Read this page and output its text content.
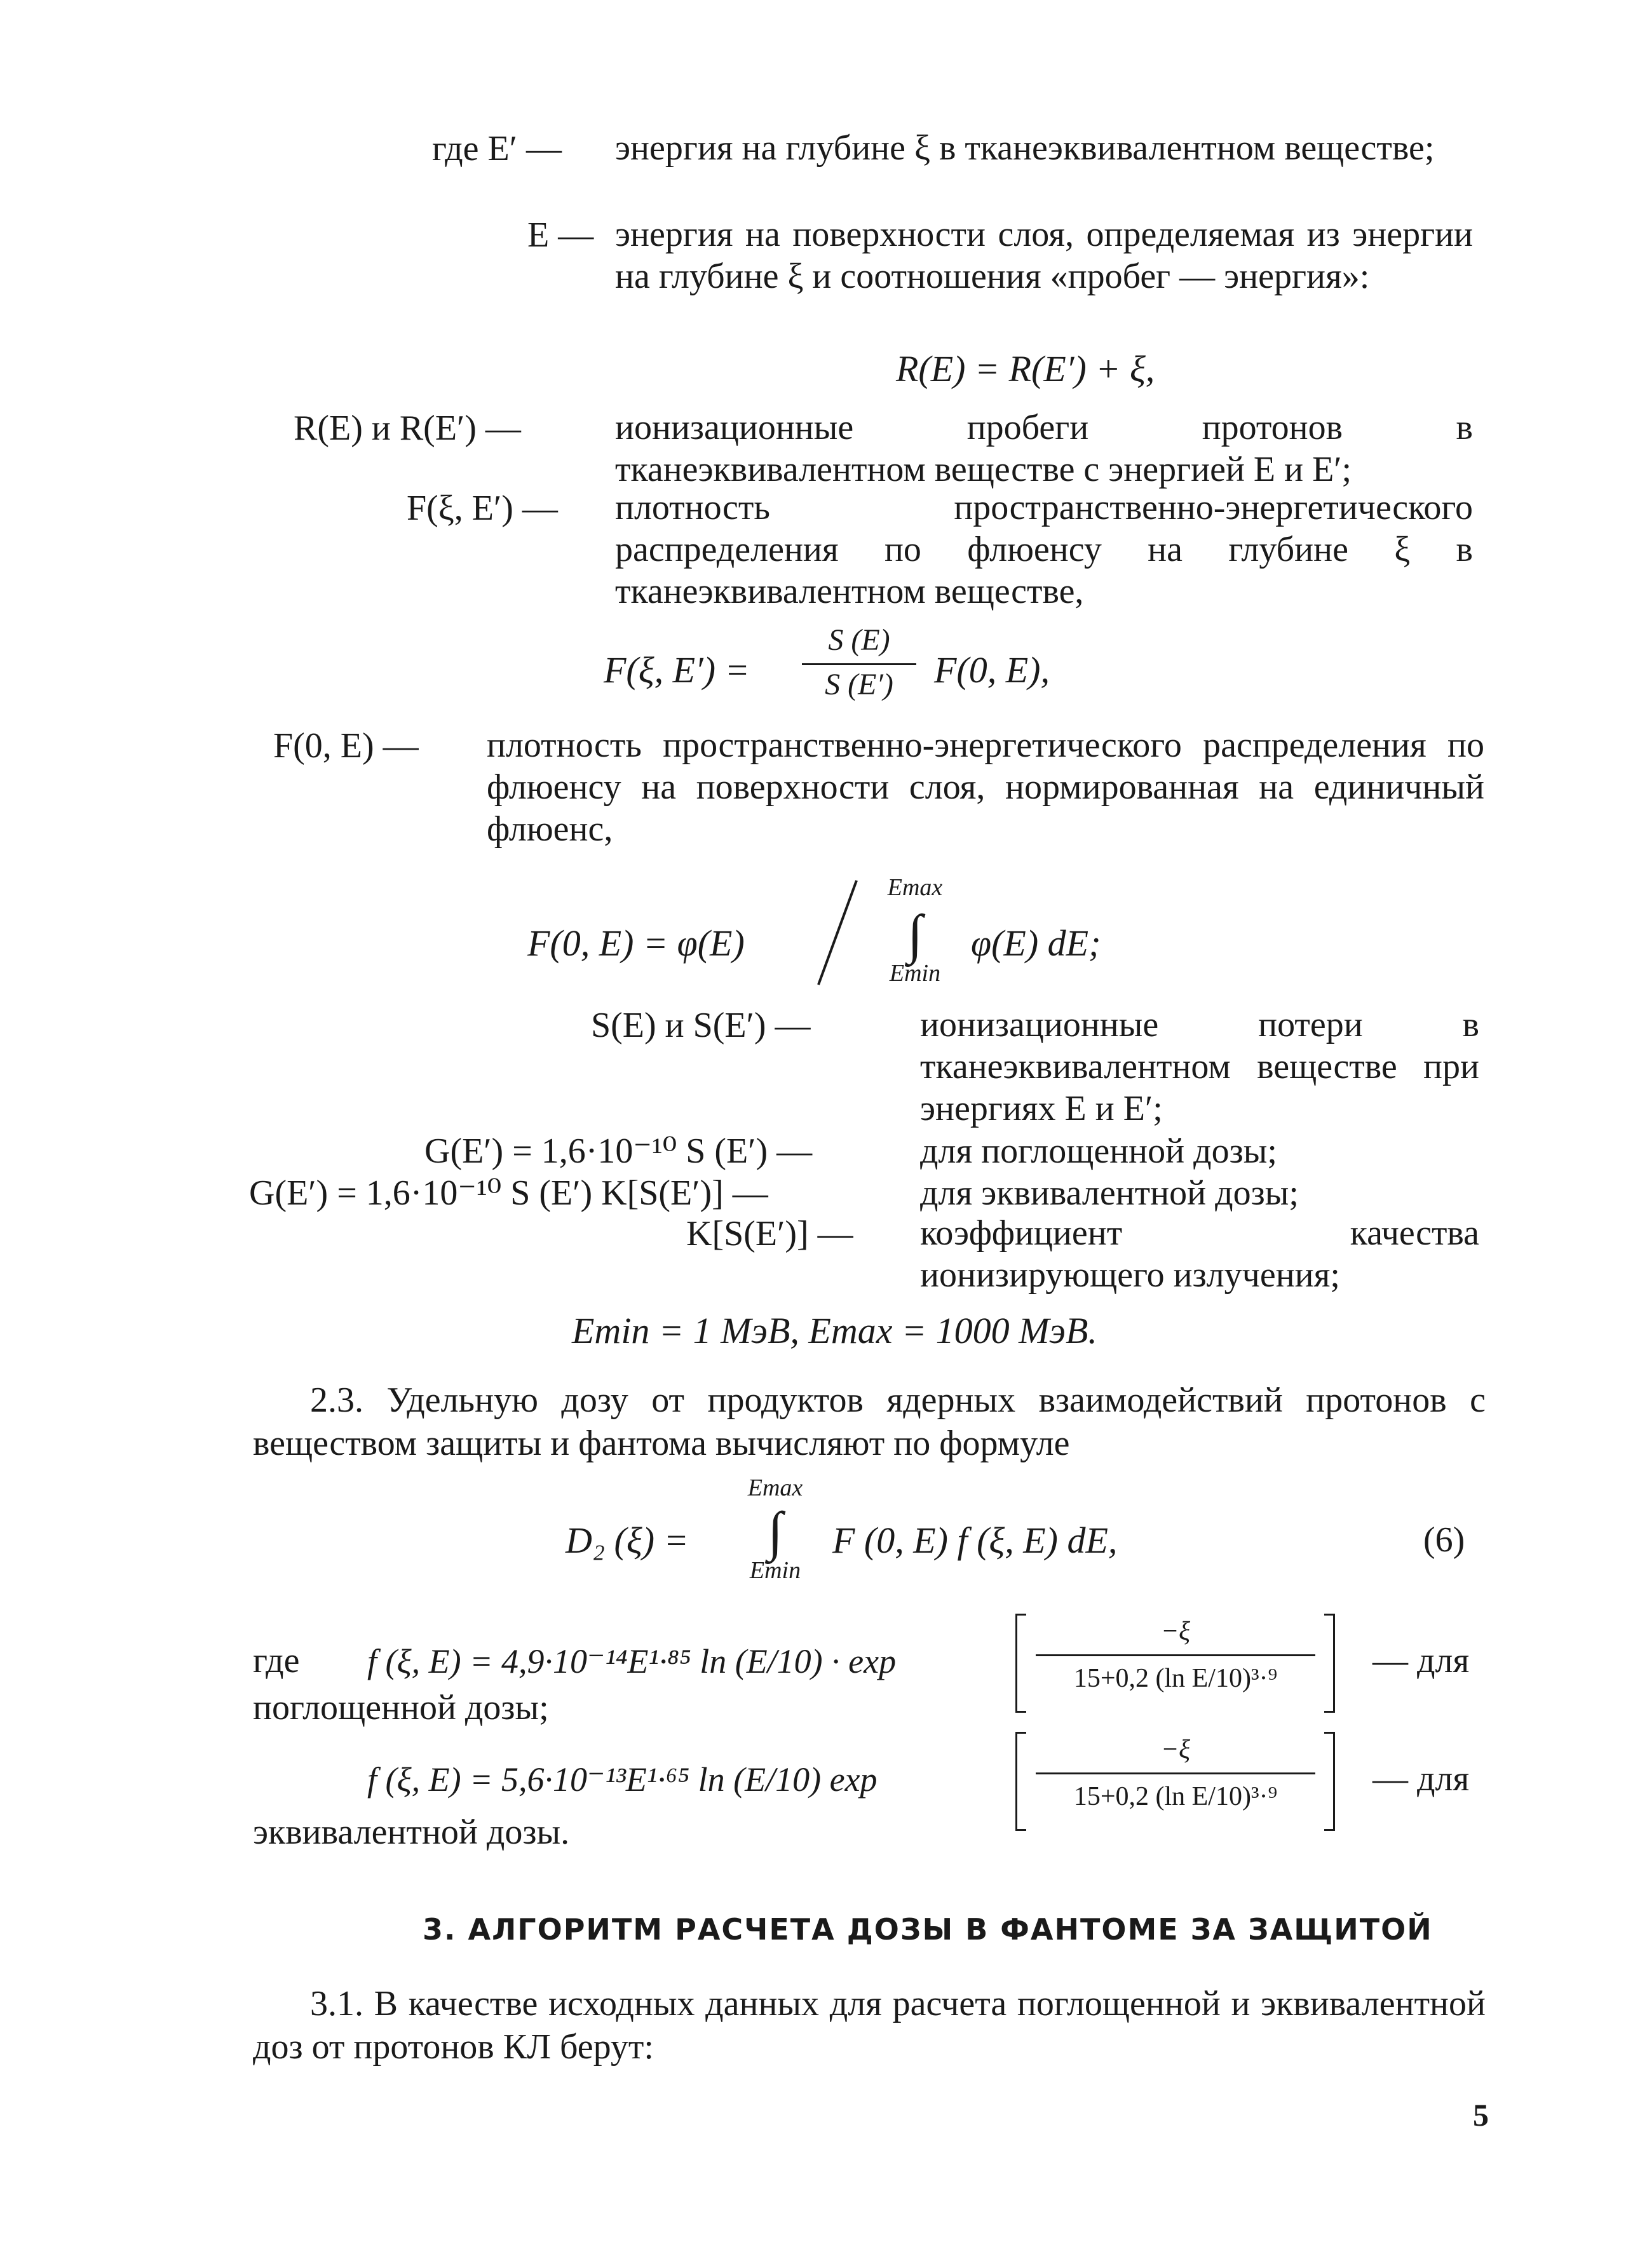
где E′ — энергия на глубине ξ в тканеэквивалентном веществе;
E — энергия на поверхности слоя, определяемая из энергии на глубине ξ и соотношения «пробег — энергия»:
R(E) = R(E′) + ξ,
R(E) и R(E′) —	ионизационные пробеги протонов в тканеэквивалентном веществе с энергией E и E′;
F(ξ, E′) — плотность пространственно-энергетического распределения по флюенсу на глубине ξ в тканеэквивалентном веществе,
F(ξ, E′) =
S (E)
S (E′)	F(0, E),
F(0, E) — плотность пространственно-энергетического распределения по флюенсу на поверхности слоя, нормированная на единичный флюенс,
F(0, E) = φ(E)
Emax
∫
Emin
φ(E) dE;
S(E) и S(E′) —	ионизационные потери в тканеэквивалентном веществе при энергиях E и E′;
G(E′) = 1,6·10⁻¹⁰ S (E′) —	для поглощенной дозы;
G(E′) = 1,6·10⁻¹⁰ S (E′) K[S(E′)] —	для эквивалентной дозы;
K[S(E′)] — коэффициент качества ионизирующего излучения;
Emin = 1 МэВ, Emax = 1000 МэВ.
2.3. Удельную дозу от продуктов ядерных взаимодействий протонов с веществом защиты и фантома вычисляют по формуле
D₂ (ξ) =
Emax
∫
Emin
F (0, E) f (ξ, E) dE,	(6)
где f (ξ, E) = 4,9·10⁻¹⁴E¹·⁸⁵ ln (E/10) · exp
−ξ
15+0,2 (ln E/10)³·⁹	— для
поглощенной дозы;
f (ξ, E) = 5,6·10⁻¹³E¹·⁶⁵ ln (E/10) exp
−ξ
15+0,2 (ln E/10)³·⁹	— для
эквивалентной дозы.
3. АЛГОРИТМ РАСЧЕТА ДОЗЫ В ФАНТОМЕ ЗА ЗАЩИТОЙ
3.1. В качестве исходных данных для расчета поглощенной и эквивалентной доз от протонов КЛ берут:
5
